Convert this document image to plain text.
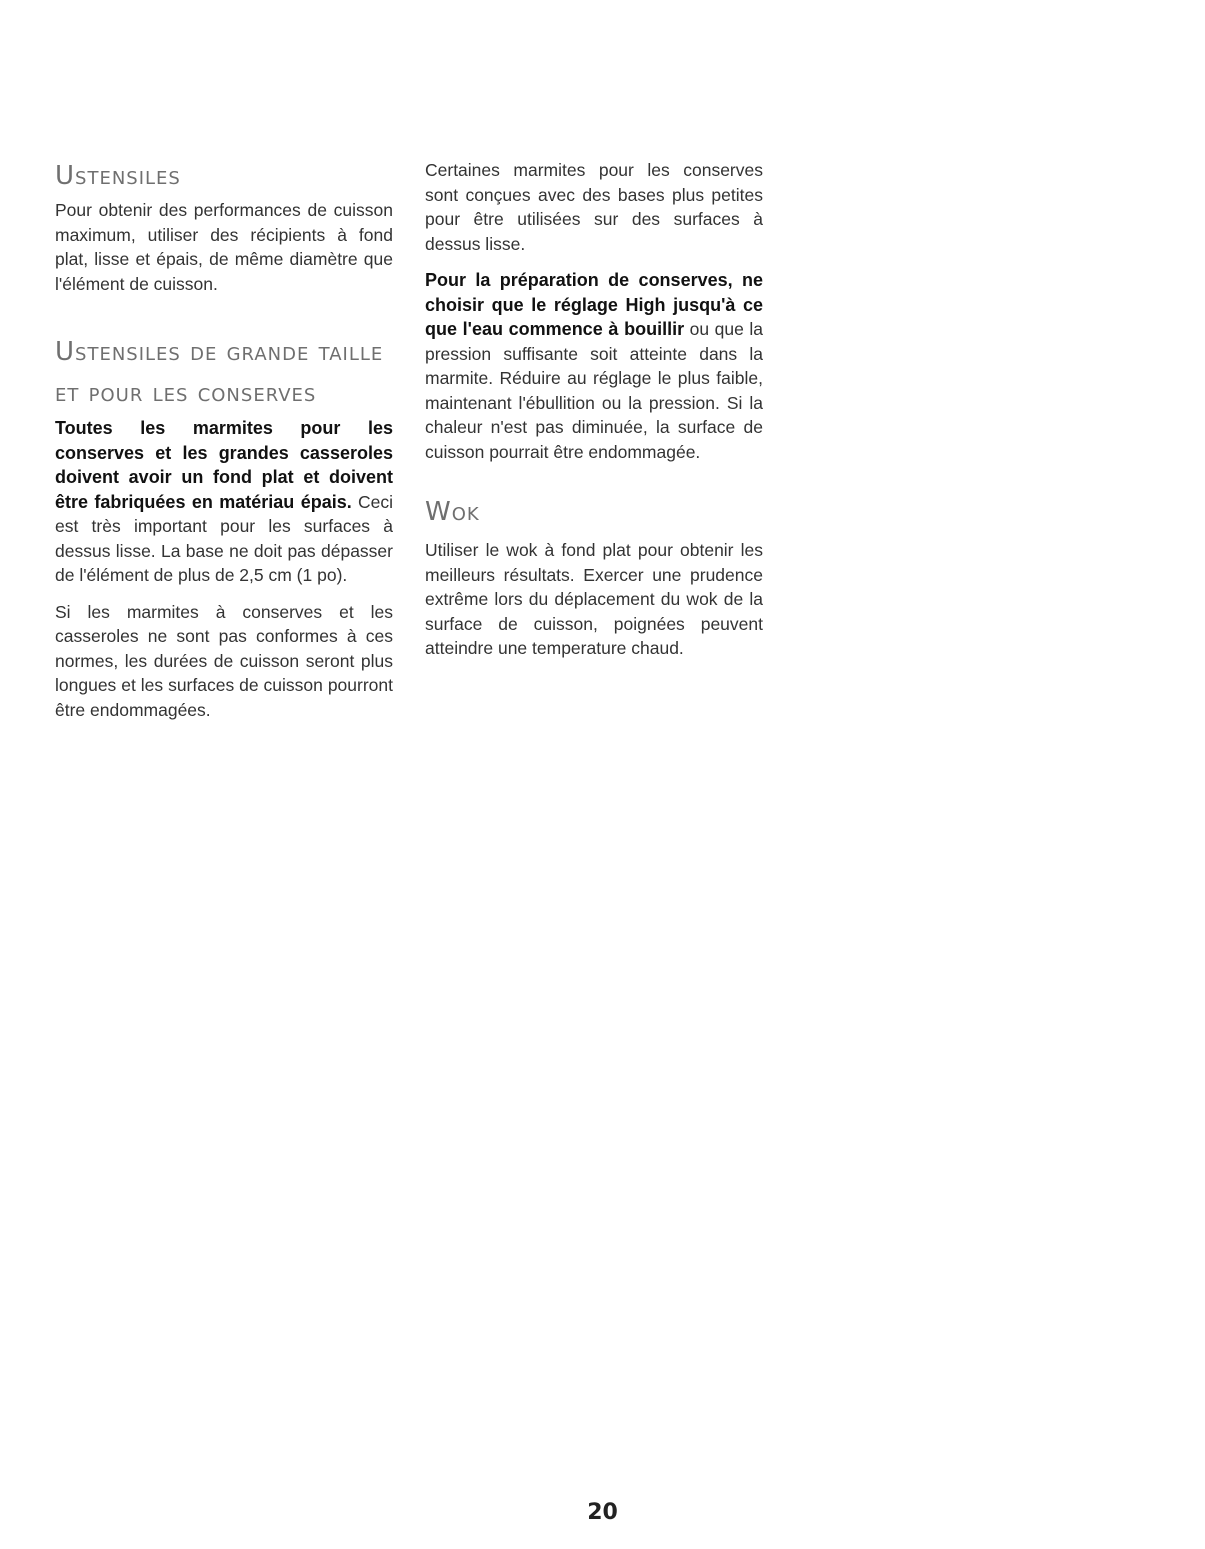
Ustensiles

Pour obtenir des performances de cuisson maximum, utiliser des récipients à fond plat, lisse et épais, de même diamètre que l'élément de cuisson.

Ustensiles de grande taille et pour les conserves

Toutes les marmites pour les conserves et les grandes casseroles doivent avoir un fond plat et doivent être fabriquées en matériau épais. Ceci est très important pour les surfaces à dessus lisse. La base ne doit pas dépasser de l'élément de plus de 2,5 cm (1 po).

Si les marmites à conserves et les casseroles ne sont pas conformes à ces normes, les durées de cuisson seront plus longues et les surfaces de cuisson pourront être endommagées.

Certaines marmites pour les conserves sont conçues avec des bases plus petites pour être utilisées sur des surfaces à dessus lisse.

Pour la préparation de conserves, ne choisir que le réglage High jusqu'à ce que l'eau commence à bouillir ou que la pression suffisante soit atteinte dans la marmite. Réduire au réglage le plus faible, maintenant l'ébullition ou la pression. Si la chaleur n'est pas diminuée, la surface de cuisson pourrait être endommagée.

Wok

Utiliser le wok à fond plat pour obtenir les meilleurs résultats. Exercer une prudence extrême lors du déplacement du wok de la surface de cuisson, poignées peuvent atteindre une temperature chaud.

20
